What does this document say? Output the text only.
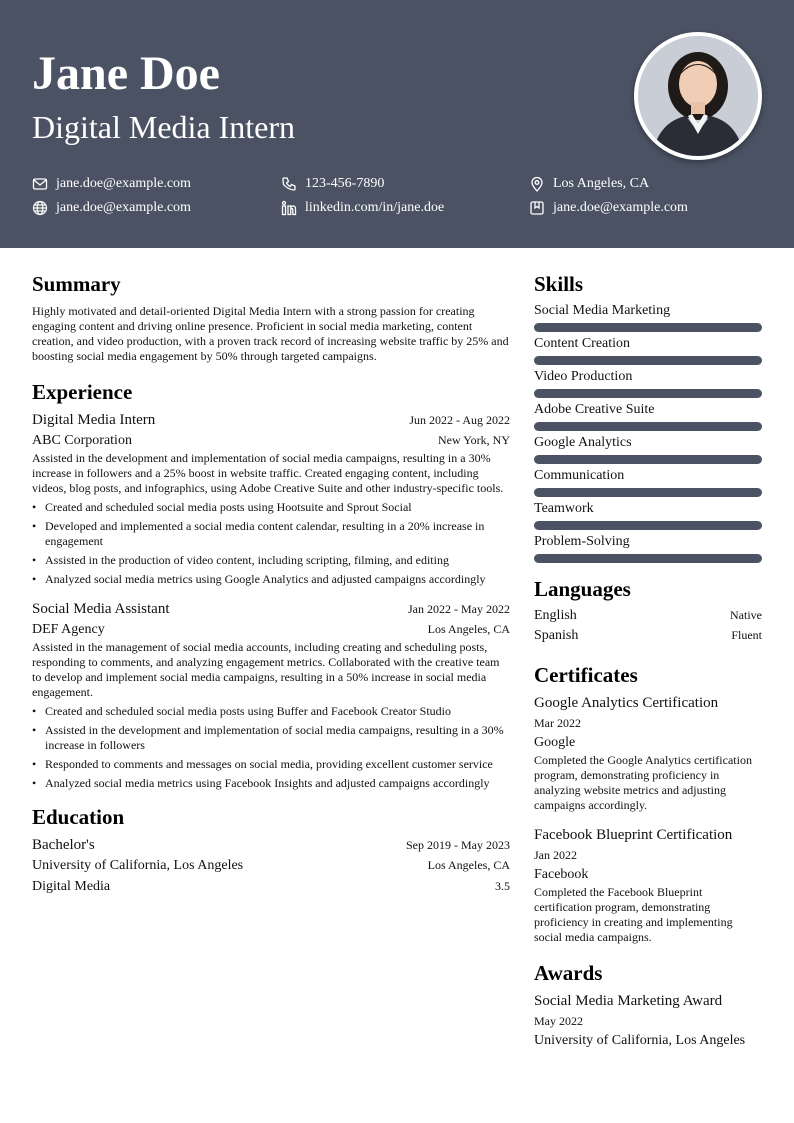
Jane Doe
Digital Media Intern
jane.doe@example.com	123-456-7890	Los Angeles, CA
jane.doe@example.com	linkedin.com/in/jane.doe	jane.doe@example.com
Summary

Highly motivated and detail-oriented Digital Media Intern with a strong passion for creating engaging content and driving online presence. Proficient in social media marketing, content creation, and video production, with a proven track record of increasing website traffic by 25% and boosting social media engagement by 50% through targeted campaigns.

Experience
Digital Media Intern	Jun 2022 - Aug 2022
ABC Corporation	New York, NY

Assisted in the development and implementation of social media campaigns, resulting in a 30% increase in followers and a 25% boost in website traffic. Created engaging content, including videos, blog posts, and infographics, using Adobe Creative Suite and other industry-specific tools.

• Created and scheduled social media posts using Hootsuite and Sprout Social
• Developed and implemented a social media content calendar, resulting in a 20% increase in engagement
• Assisted in the production of video content, including scripting, filming, and editing
• Analyzed social media metrics using Google Analytics and adjusted campaigns accordingly
Social Media Assistant	Jan 2022 - May 2022
DEF Agency	Los Angeles, CA

Assisted in the management of social media accounts, including creating and scheduling posts, responding to comments, and analyzing engagement metrics. Collaborated with the creative team to develop and implement social media campaigns, resulting in a 50% increase in social media engagement.

• Created and scheduled social media posts using Buffer and Facebook Creator Studio
• Assisted in the development and implementation of social media campaigns, resulting in a 30% increase in followers
• Responded to comments and messages on social media, providing excellent customer service
• Analyzed social media metrics using Facebook Insights and adjusted campaigns accordingly
Education
Bachelor's	Sep 2019 - May 2023
University of California, Los Angeles	Los Angeles, CA
Digital Media	3.5
Skills
Social Media Marketing
Content Creation
Video Production
Adobe Creative Suite
Google Analytics
Communication
Teamwork
Problem-Solving
Languages
English	Native
Spanish	Fluent
Certificates
Google Analytics Certification
Mar 2022
Google

Completed the Google Analytics certification program, demonstrating proficiency in analyzing website metrics and adjusting campaigns accordingly.

Facebook Blueprint Certification
Jan 2022
Facebook

Completed the Facebook Blueprint certification program, demonstrating proficiency in creating and implementing social media campaigns.

Awards
Social Media Marketing Award
May 2022
University of California, Los Angeles
